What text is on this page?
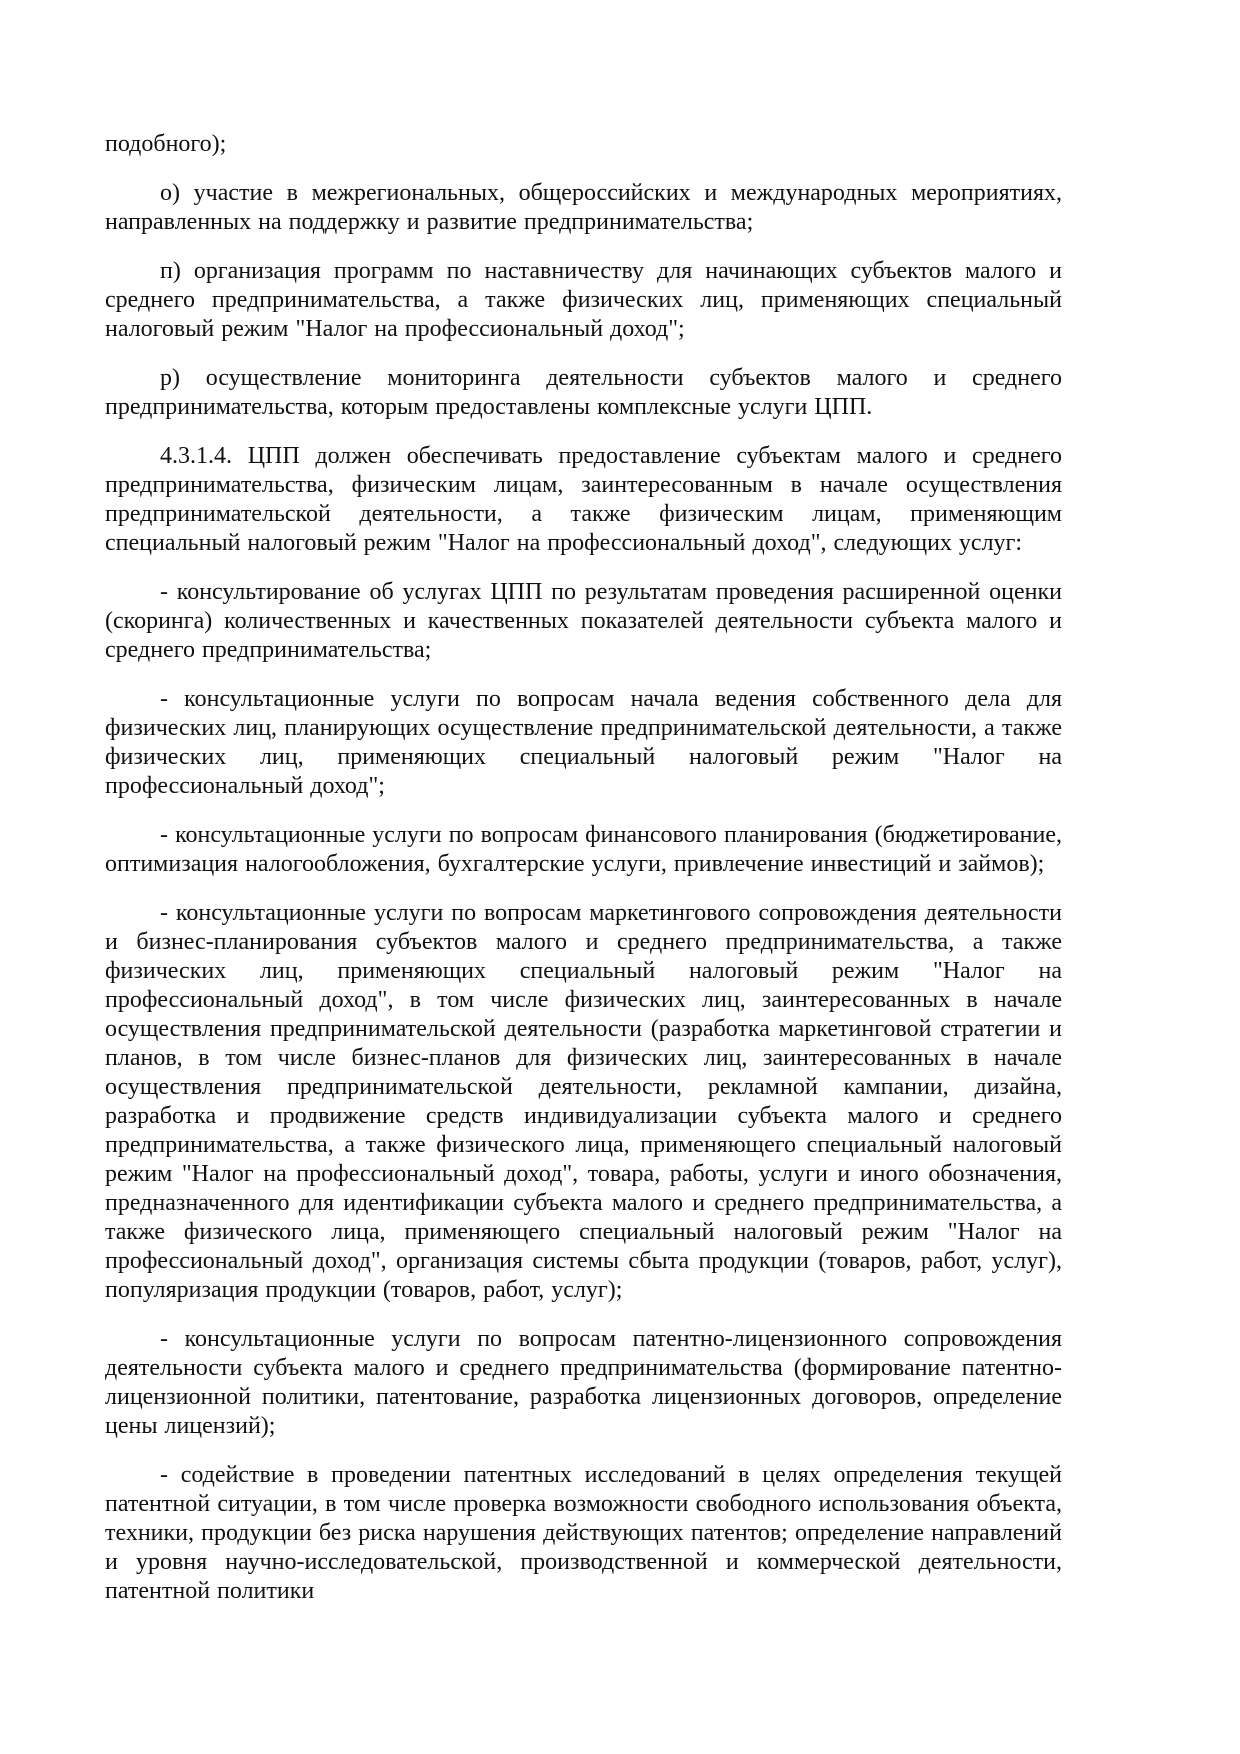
подобного);

о) участие в межрегиональных, общероссийских и международных мероприятиях, направленных на поддержку и развитие предпринимательства;

п) организация программ по наставничеству для начинающих субъектов малого и среднего предпринимательства, а также физических лиц, применяющих специальный налоговый режим "Налог на профессиональный доход";

р) осуществление мониторинга деятельности субъектов малого и среднего предпринимательства, которым предоставлены комплексные услуги ЦПП.

4.3.1.4. ЦПП должен обеспечивать предоставление субъектам малого и среднего предпринимательства, физическим лицам, заинтересованным в начале осуществления предпринимательской деятельности, а также физическим лицам, применяющим специальный налоговый режим "Налог на профессиональный доход", следующих услуг:

- консультирование об услугах ЦПП по результатам проведения расширенной оценки (скоринга) количественных и качественных показателей деятельности субъекта малого и среднего предпринимательства;

- консультационные услуги по вопросам начала ведения собственного дела для физических лиц, планирующих осуществление предпринимательской деятельности, а также физических лиц, применяющих специальный налоговый режим "Налог на профессиональный доход";

- консультационные услуги по вопросам финансового планирования (бюджетирование, оптимизация налогообложения, бухгалтерские услуги, привлечение инвестиций и займов);

- консультационные услуги по вопросам маркетингового сопровождения деятельности и бизнес-планирования субъектов малого и среднего предпринимательства, а также физических лиц, применяющих специальный налоговый режим "Налог на профессиональный доход", в том числе физических лиц, заинтересованных в начале осуществления предпринимательской деятельности (разработка маркетинговой стратегии и планов, в том числе бизнес-планов для физических лиц, заинтересованных в начале осуществления предпринимательской деятельности, рекламной кампании, дизайна, разработка и продвижение средств индивидуализации субъекта малого и среднего предпринимательства, а также физического лица, применяющего специальный налоговый режим "Налог на профессиональный доход", товара, работы, услуги и иного обозначения, предназначенного для идентификации субъекта малого и среднего предпринимательства, а также физического лица, применяющего специальный налоговый режим "Налог на профессиональный доход", организация системы сбыта продукции (товаров, работ, услуг), популяризация продукции (товаров, работ, услуг);

- консультационные услуги по вопросам патентно-лицензионного сопровождения деятельности субъекта малого и среднего предпринимательства (формирование патентно-лицензионной политики, патентование, разработка лицензионных договоров, определение цены лицензий);

- содействие в проведении патентных исследований в целях определения текущей патентной ситуации, в том числе проверка возможности свободного использования объекта, техники, продукции без риска нарушения действующих патентов; определение направлений и уровня научно-исследовательской, производственной и коммерческой деятельности, патентной политики
